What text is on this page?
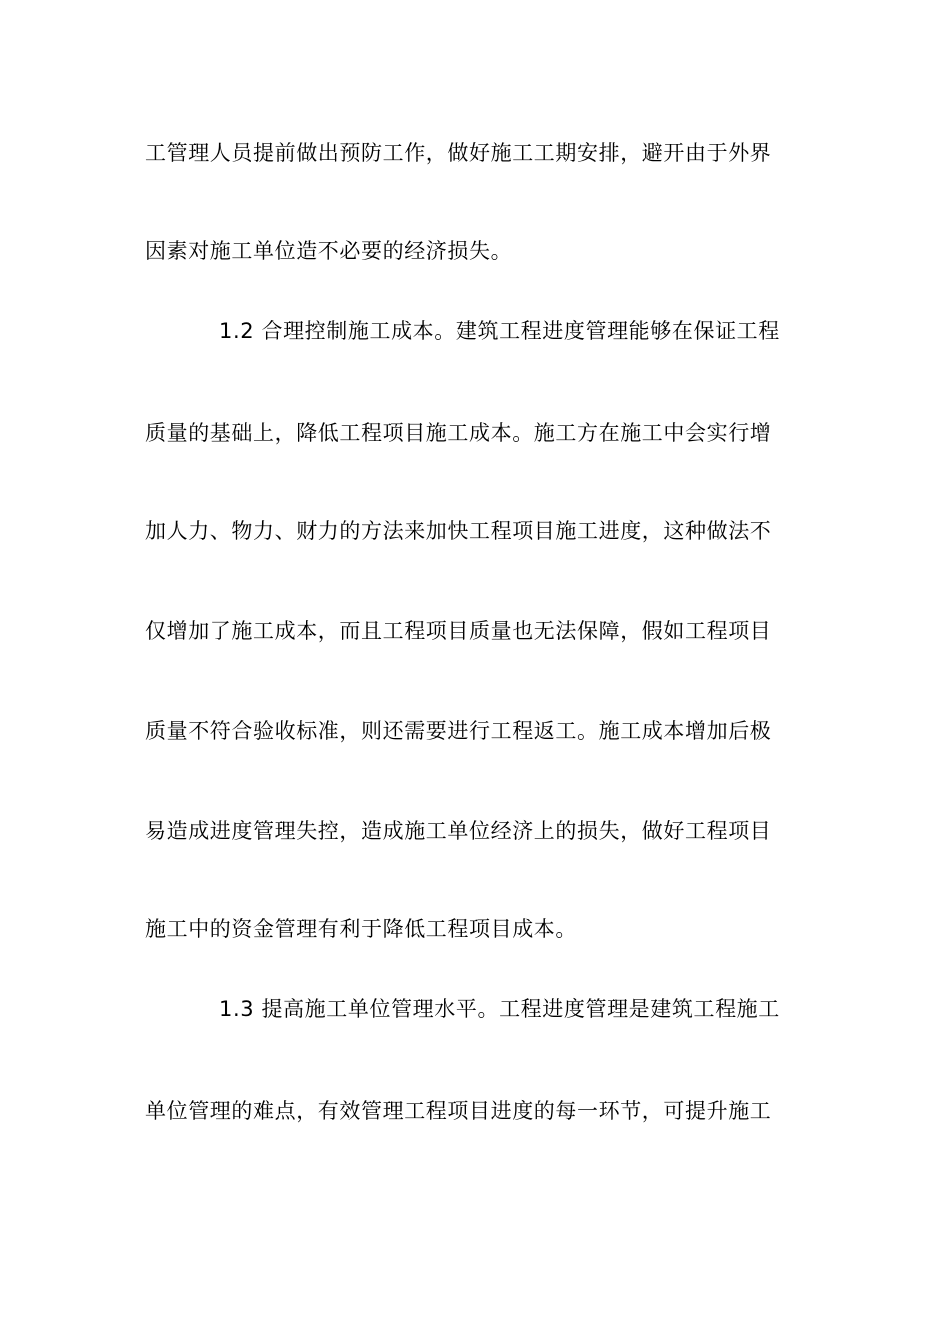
工管理人员提前做出预防工作，做好施工工期安排，避开由于外界
因素对施工单位造不必要的经济损失。
1.2 合理控制施工成本。建筑工程进度管理能够在保证工程
质量的基础上，降低工程项目施工成本。施工方在施工中会实行增
加人力、物力、财力的方法来加快工程项目施工进度，这种做法不
仅增加了施工成本，而且工程项目质量也无法保障，假如工程项目
质量不符合验收标准，则还需要进行工程返工。施工成本增加后极
易造成进度管理失控，造成施工单位经济上的损失，做好工程项目
施工中的资金管理有利于降低工程项目成本。
1.3 提高施工单位管理水平。工程进度管理是建筑工程施工
单位管理的难点，有效管理工程项目进度的每一环节，可提升施工
